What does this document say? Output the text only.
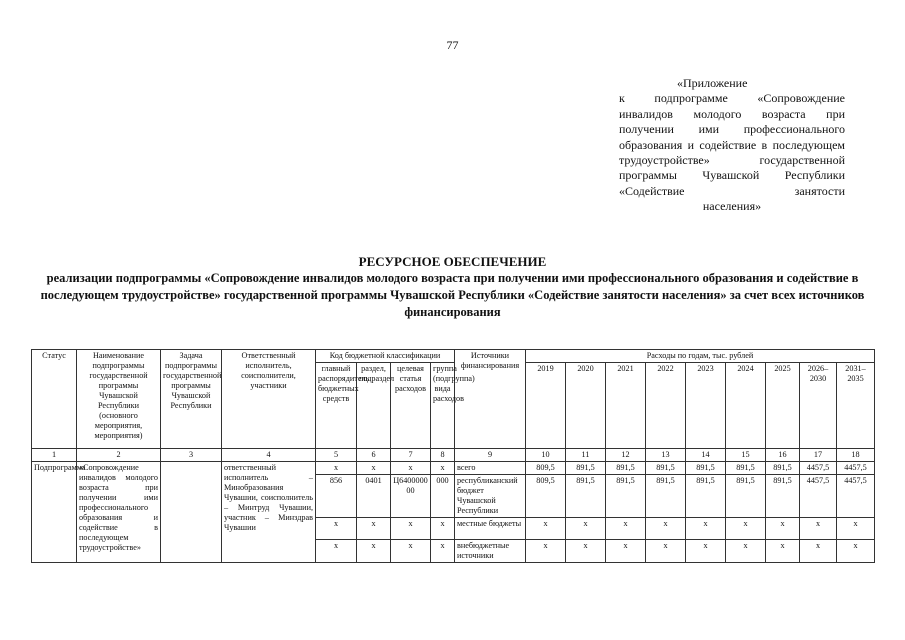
77
«Приложение
к подпрограмме «Сопровождение инвалидов молодого возраста при получении ими профессионального образования и содействие в последующем трудоустройстве» государственной программы Чувашской Республики «Содействие занятости
населения»
РЕСУРСНОЕ ОБЕСПЕЧЕНИЕ
реализации подпрограммы «Сопровождение инвалидов молодого возраста при получении ими профессионального образования и содействие в последующем трудоустройстве» государственной программы Чувашской Республики «Содействие занятости населения» за счет всех источников финансирования
Статус	Наименование подпрограммы государственной программы Чувашской Республики (основного мероприятия, мероприятия)	Задача подпрограммы государственной программы Чувашской Республики	Ответственный исполнитель, соисполнители, участники	Код бюджетной классификации				Источники финансирования	Расходы по годам, тыс. рублей								
				главный распорядитель бюджетных средств	раздел, подраздел	целевая статья расходов	группа (подгруппа) вида расходов		2019	2020	2021	2022	2023	2024	2025	2026–2030	2031–2035
1	2	3	4	5	6	7	8	9	10	11	12	13	14	15	16	17	18
Подпрограмма	«Сопровождение инвалидов молодого возраста при получении ими профессионального образования и содействие в последующем трудоустройстве»		ответственный исполнитель – Минобразования Чувашии, соисполнитель – Минтруд Чувашии, участник – Минздрав Чувашии	x	x	x	x	всего	809,5	891,5	891,5	891,5	891,5	891,5	891,5	4457,5	4457,5
				856	0401	Ц640000000	000	республиканский бюджет Чувашской Республики	809,5	891,5	891,5	891,5	891,5	891,5	891,5	4457,5	4457,5
				x	x	x	x	местные бюджеты	x	x	x	x	x	x	x	x	x
				x	x	x	x	внебюджетные источники	x	x	x	x	x	x	x	x	x
